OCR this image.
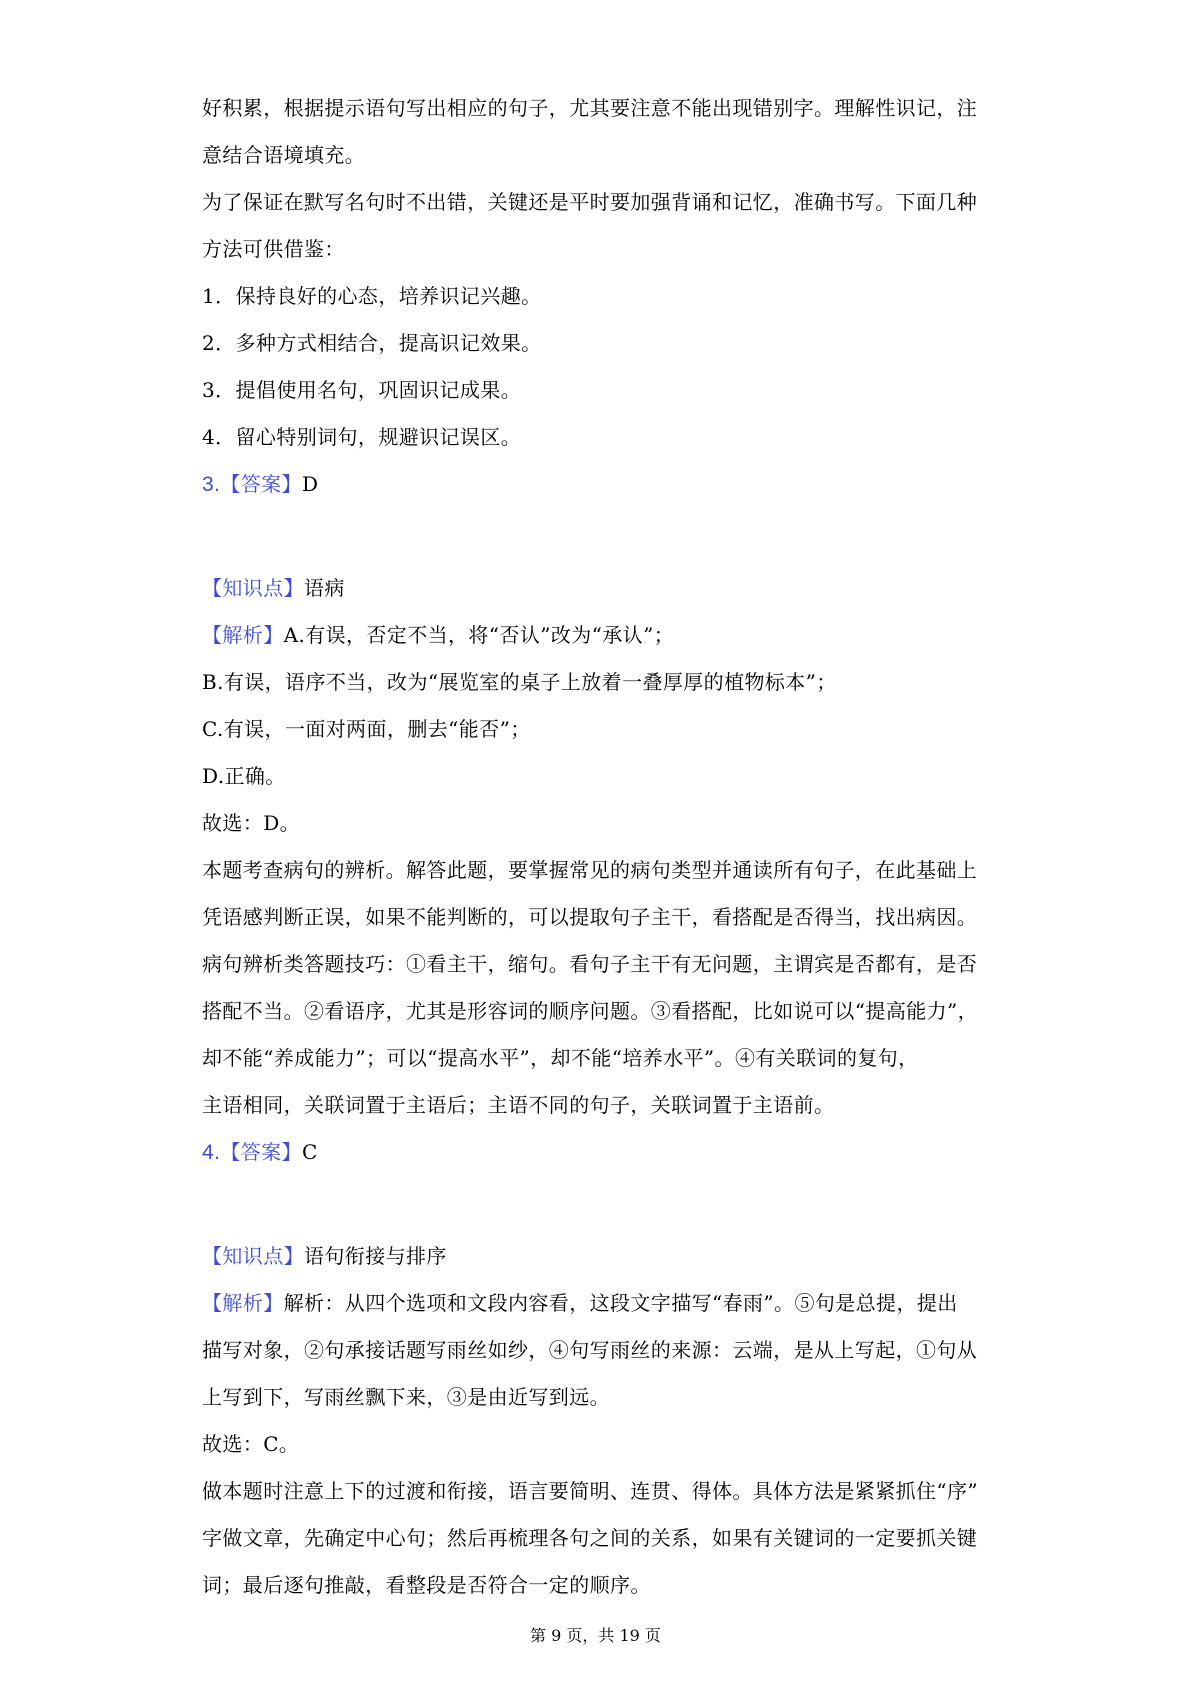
好积累，根据提示语句写出相应的句子，尤其要注意不能出现错别字。理解性识记，注
意结合语境填充。
为了保证在默写名句时不出错，关键还是平时要加强背诵和记忆，准确书写。下面几种
方法可供借鉴：
1．保持良好的心态，培养识记兴趣。
2．多种方式相结合，提高识记效果。
3．提倡使用名句，巩固识记成果。
4．留心特别词句，规避识记误区。
3.【答案】D
【知识点】语病
【解析】A.有误，否定不当，将“否认”改为“承认”；
B.有误，语序不当，改为“展览室的桌子上放着一叠厚厚的植物标本”；
C.有误，一面对两面，删去“能否”；
D.正确。
故选：D。
本题考查病句的辨析。解答此题，要掌握常见的病句类型并通读所有句子，在此基础上
凭语感判断正误，如果不能判断的，可以提取句子主干，看搭配是否得当，找出病因。
病句辨析类答题技巧：①看主干，缩句。看句子主干有无问题，主谓宾是否都有，是否
搭配不当。②看语序，尤其是形容词的顺序问题。③看搭配，比如说可以“提高能力”，
却不能“养成能力”；可以“提高水平”，却不能“培养水平”。④有关联词的复句，
主语相同，关联词置于主语后；主语不同的句子，关联词置于主语前。
4.【答案】C
【知识点】语句衔接与排序
【解析】解析：从四个选项和文段内容看，这段文字描写“春雨”。⑤句是总提，提出
描写对象，②句承接话题写雨丝如纱，④句写雨丝的来源：云端，是从上写起，①句从
上写到下，写雨丝飘下来，③是由近写到远。
故选：C。
做本题时注意上下的过渡和衔接，语言要简明、连贯、得体。具体方法是紧紧抓住“序”
字做文章，先确定中心句；然后再梳理各句之间的关系，如果有关键词的一定要抓关键
词；最后逐句推敲，看整段是否符合一定的顺序。
第 9 页，共 19 页
